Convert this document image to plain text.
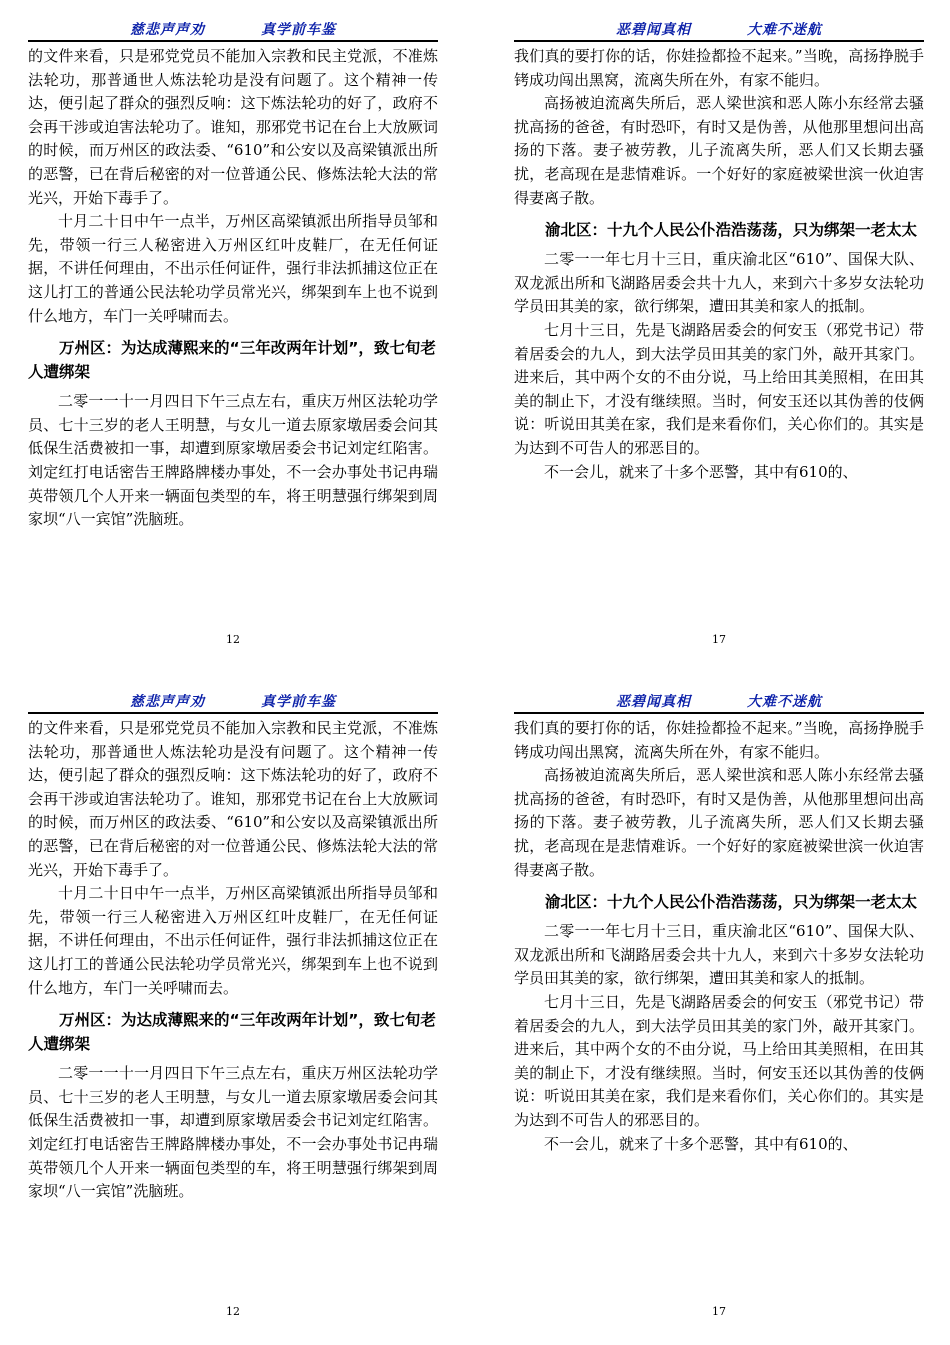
慈悲声声劝	真学前车鉴

的文件来看，只是邪党党员不能加入宗教和民主党派，不准炼法轮功，那普通世人炼法轮功是没有问题了。这个精神一传达，便引起了群众的强烈反响：这下炼法轮功的好了，政府不会再干涉或迫害法轮功了。谁知，那邪党书记在台上大放厥词的时候，而万州区的政法委、“610”和公安以及高梁镇派出所的恶警，已在背后秘密的对一位普通公民、修炼法轮大法的常光兴，开始下毒手了。

十月二十日中午一点半，万州区高梁镇派出所指导员邹和先，带领一行三人秘密进入万州区红叶皮鞋厂，在无任何证据，不讲任何理由，不出示任何证件，强行非法抓捕这位正在这儿打工的普通公民法轮功学员常光兴，绑架到车上也不说到什么地方，车门一关呼啸而去。

万州区：为达成薄熙来的“三年改两年计划”，致七旬老人遭绑架

二零一一十一月四日下午三点左右，重庆万州区法轮功学员、七十三岁的老人王明慧，与女儿一道去原家墩居委会问其低保生活费被扣一事，却遭到原家墩居委会书记刘定红陷害。刘定红打电话密告王牌路牌楼办事处，不一会办事处书记冉瑞英带领几个人开来一辆面包类型的车，将王明慧强行绑架到周家坝“八一宾馆”洗脑班。

12
恶碧闻真相	大难不迷航

我们真的要打你的话，你娃捡都捡不起来。”当晚，高扬挣脱手铐成功闯出黑窝，流离失所在外，有家不能归。

高扬被迫流离失所后，恶人梁世滨和恶人陈小东经常去骚扰高扬的爸爸，有时恐吓，有时又是伪善，从他那里想问出高扬的下落。妻子被劳教，儿子流离失所，恶人们又长期去骚扰，老高现在是悲情难诉。一个好好的家庭被梁世滨一伙迫害得妻离子散。

渝北区：十九个人民公仆浩浩荡荡，只为绑架一老太太

二零一一年七月十三日，重庆渝北区“610”、国保大队、双龙派出所和飞湖路居委会共十九人，来到六十多岁女法轮功学员田其美的家，欲行绑架，遭田其美和家人的抵制。

七月十三日，先是飞湖路居委会的何安玉（邪党书记）带着居委会的九人，到大法学员田其美的家门外，敲开其家门。进来后，其中两个女的不由分说，马上给田其美照相，在田其美的制止下，才没有继续照。当时，何安玉还以其伪善的伎俩说：听说田其美在家，我们是来看你们，关心你们的。其实是为达到不可告人的邪恶目的。

不一会儿，就来了十多个恶警，其中有610的、

17
慈悲声声劝	真学前车鉴

的文件来看，只是邪党党员不能加入宗教和民主党派，不准炼法轮功，那普通世人炼法轮功是没有问题了。这个精神一传达，便引起了群众的强烈反响：这下炼法轮功的好了，政府不会再干涉或迫害法轮功了。谁知，那邪党书记在台上大放厥词的时候，而万州区的政法委、“610”和公安以及高梁镇派出所的恶警，已在背后秘密的对一位普通公民、修炼法轮大法的常光兴，开始下毒手了。

十月二十日中午一点半，万州区高梁镇派出所指导员邹和先，带领一行三人秘密进入万州区红叶皮鞋厂，在无任何证据，不讲任何理由，不出示任何证件，强行非法抓捕这位正在这儿打工的普通公民法轮功学员常光兴，绑架到车上也不说到什么地方，车门一关呼啸而去。

万州区：为达成薄熙来的“三年改两年计划”，致七旬老人遭绑架

二零一一十一月四日下午三点左右，重庆万州区法轮功学员、七十三岁的老人王明慧，与女儿一道去原家墩居委会问其低保生活费被扣一事，却遭到原家墩居委会书记刘定红陷害。刘定红打电话密告王牌路牌楼办事处，不一会办事处书记冉瑞英带领几个人开来一辆面包类型的车，将王明慧强行绑架到周家坝“八一宾馆”洗脑班。

12
恶碧闻真相	大难不迷航

我们真的要打你的话，你娃捡都捡不起来。”当晚，高扬挣脱手铐成功闯出黑窝，流离失所在外，有家不能归。

高扬被迫流离失所后，恶人梁世滨和恶人陈小东经常去骚扰高扬的爸爸，有时恐吓，有时又是伪善，从他那里想问出高扬的下落。妻子被劳教，儿子流离失所，恶人们又长期去骚扰，老高现在是悲情难诉。一个好好的家庭被梁世滨一伙迫害得妻离子散。

渝北区：十九个人民公仆浩浩荡荡，只为绑架一老太太

二零一一年七月十三日，重庆渝北区“610”、国保大队、双龙派出所和飞湖路居委会共十九人，来到六十多岁女法轮功学员田其美的家，欲行绑架，遭田其美和家人的抵制。

七月十三日，先是飞湖路居委会的何安玉（邪党书记）带着居委会的九人，到大法学员田其美的家门外，敲开其家门。进来后，其中两个女的不由分说，马上给田其美照相，在田其美的制止下，才没有继续照。当时，何安玉还以其伪善的伎俩说：听说田其美在家，我们是来看你们，关心你们的。其实是为达到不可告人的邪恶目的。

不一会儿，就来了十多个恶警，其中有610的、

17
